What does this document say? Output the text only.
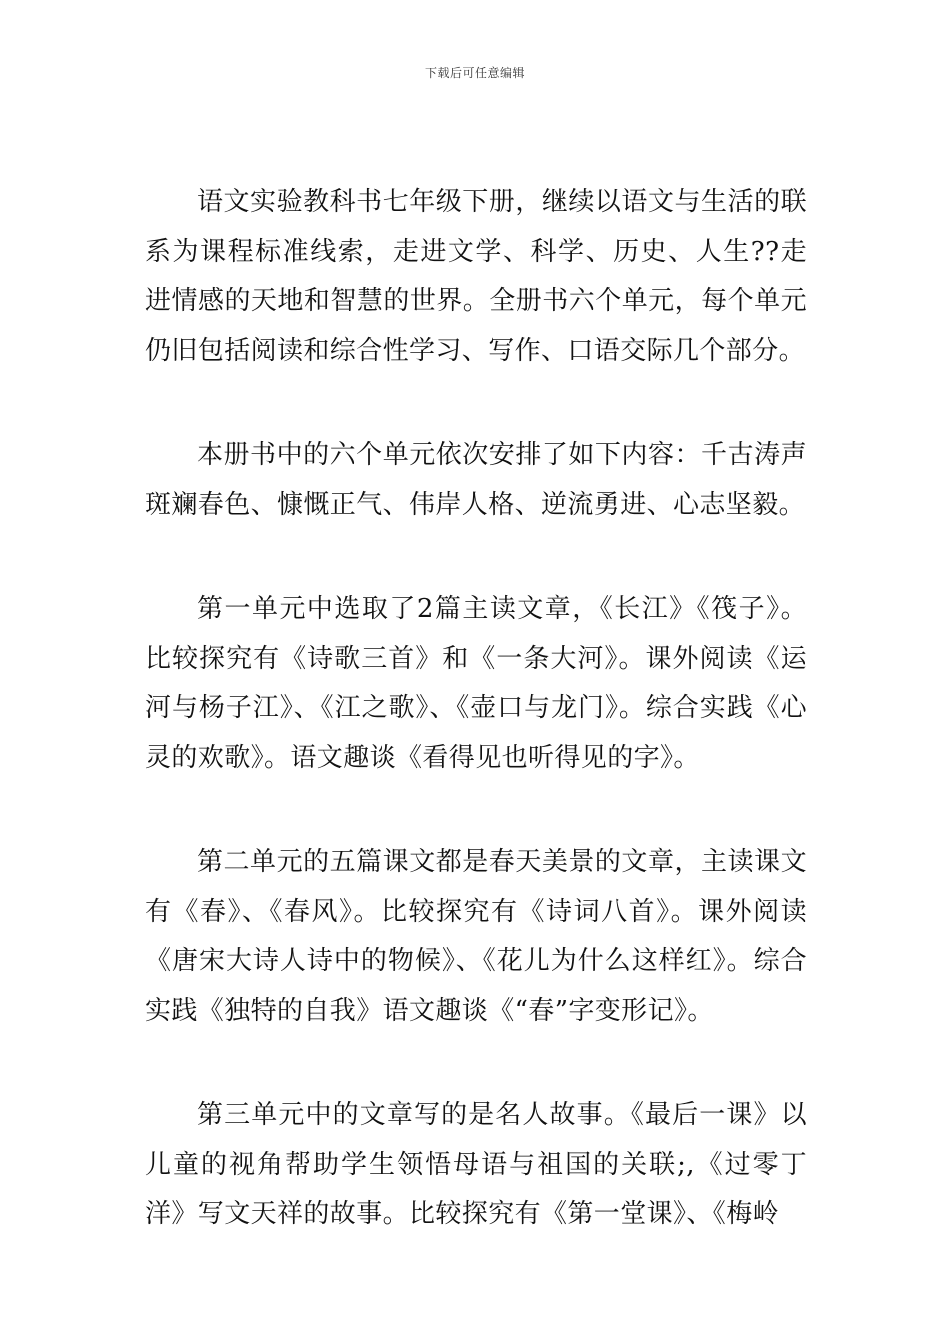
下载后可任意编辑

语文实验教科书七年级下册，继续以语文与生活的联系为课程标准线索，走进文学、科学、历史、人生??走进情感的天地和智慧的世界。全册书六个单元，每个单元仍旧包括阅读和综合性学习、写作、口语交际几个部分。

本册书中的六个单元依次安排了如下内容：千古涛声斑斓春色、慷慨正气、伟岸人格、逆流勇进、心志坚毅。

第一单元中选取了2篇主读文章，《长江》《筏子》。比较探究有《诗歌三首》和《一条大河》。课外阅读《运河与杨子江》、《江之歌》、《壶口与龙门》。综合实践《心灵的欢歌》。语文趣谈《看得见也听得见的字》。

第二单元的五篇课文都是春天美景的文章，主读课文有《春》、《春风》。比较探究有《诗词八首》。课外阅读《唐宋大诗人诗中的物候》、《花儿为什么这样红》。综合实践《独特的自我》语文趣谈《“春”字变形记》。

第三单元中的文章写的是名人故事。《最后一课》以儿童的视角帮助学生领悟母语与祖国的关联;,《过零丁洋》写文天祥的故事。比较探究有《第一堂课》、《梅岭
